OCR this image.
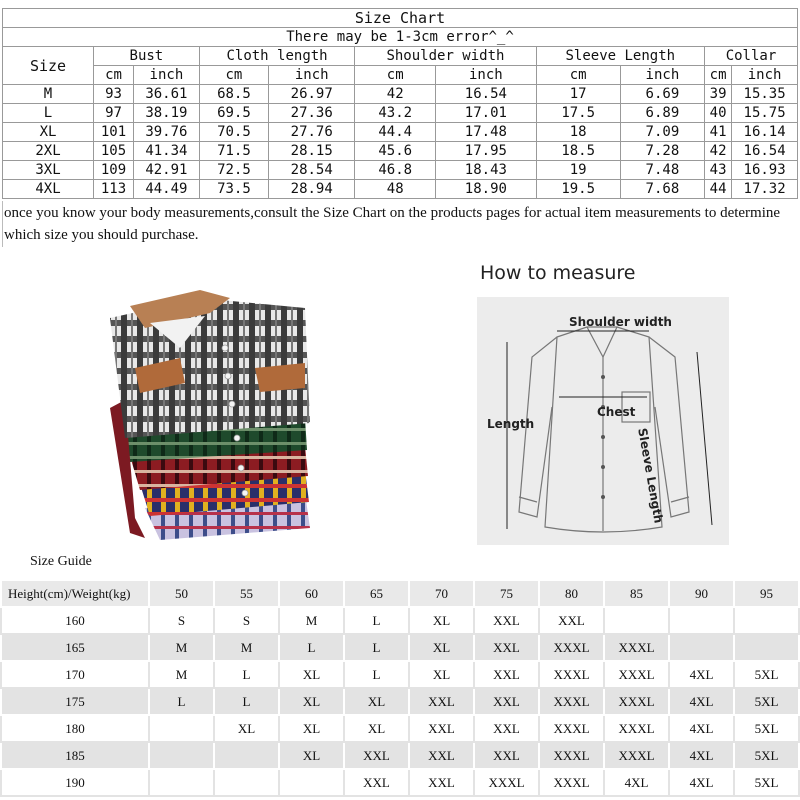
Size Chart										
There may be 1-3cm error^_^										
Size	Bust		Cloth length		Shoulder width		Sleeve Length		Collar	
	cm	inch	cm	inch	cm	inch	cm	inch	cm	inch
M	93	36.61	68.5	26.97	42	16.54	17	6.69	39	15.35
L	97	38.19	69.5	27.36	43.2	17.01	17.5	6.89	40	15.75
XL	101	39.76	70.5	27.76	44.4	17.48	18	7.09	41	16.14
2XL	105	41.34	71.5	28.15	45.6	17.95	18.5	7.28	42	16.54
3XL	109	42.91	72.5	28.54	46.8	18.43	19	7.48	43	16.93
4XL	113	44.49	73.5	28.94	48	18.90	19.5	7.68	44	17.32
once you know your body measurements,consult the Size Chart on the products pages for actual item measurements to determine which size you should purchase.
How to measure
Shoulder width
Chest
Length
Sleeve Length
Size Guide
Height(cm)/Weight(kg)	50	55	60	65	70	75	80	85	90	95
160	S	S	M	L	XL	XXL	XXL			
165	M	M	L	L	XL	XXL	XXXL	XXXL		
170	M	L	XL	L	XL	XXL	XXXL	XXXL	4XL	5XL
175	L	L	XL	XL	XXL	XXL	XXXL	XXXL	4XL	5XL
180		XL	XL	XL	XXL	XXL	XXXL	XXXL	4XL	5XL
185			XL	XXL	XXL	XXL	XXXL	XXXL	4XL	5XL
190				XXL	XXL	XXXL	XXXL	4XL	4XL	5XL
